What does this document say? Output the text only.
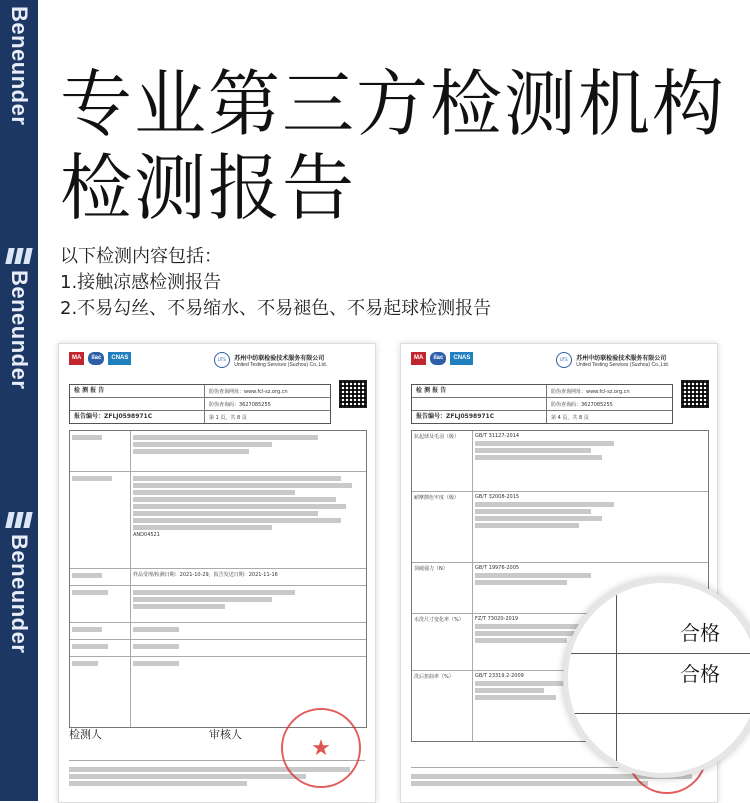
Beneunder
Beneunder
Beneunder
专业第三方检测机构
检测报告
以下检测内容包括：
1.接触凉感检测报告
2.不易勾丝、不易缩水、不易褪色、不易起球检测报告
MA	ilac	CNAS	UTS 苏州中纺联检验技术服务有限公司
United Testing Services (Suzhou) Co.,Ltd.
检 测 报 告	防伪查询网址：www.fcl-sz.org.cn
防伪查询码：3627085255
报告编号：ZFLJ0598971C	第 1 页，共 8 页
AND04521
样品受理/检测日期：2021-10-29，报告发送日期：2021-11-16
检测人	审核人
★
MA	ilac	CNAS	UTS 苏州中纺联检验技术服务有限公司
United Testing Services (Suzhou) Co.,Ltd.
检 测 报 告	防伪查询网址：www.fcl-sz.org.cn
防伪查询码：3627085255
报告编号：ZFLJ0598971C	第 4 页，共 8 页
抗起球及毛羽（级）	GB/T 31127-2014
耐摩擦色牢度（级）	GB/T 32008-2015
顶破强力（N）	GB/T 19976-2005
水洗尺寸变化率（%）	FZ/T 73020-2019
洗后扭曲率（%）	GB/T 23319.2-2009
合格
合格
